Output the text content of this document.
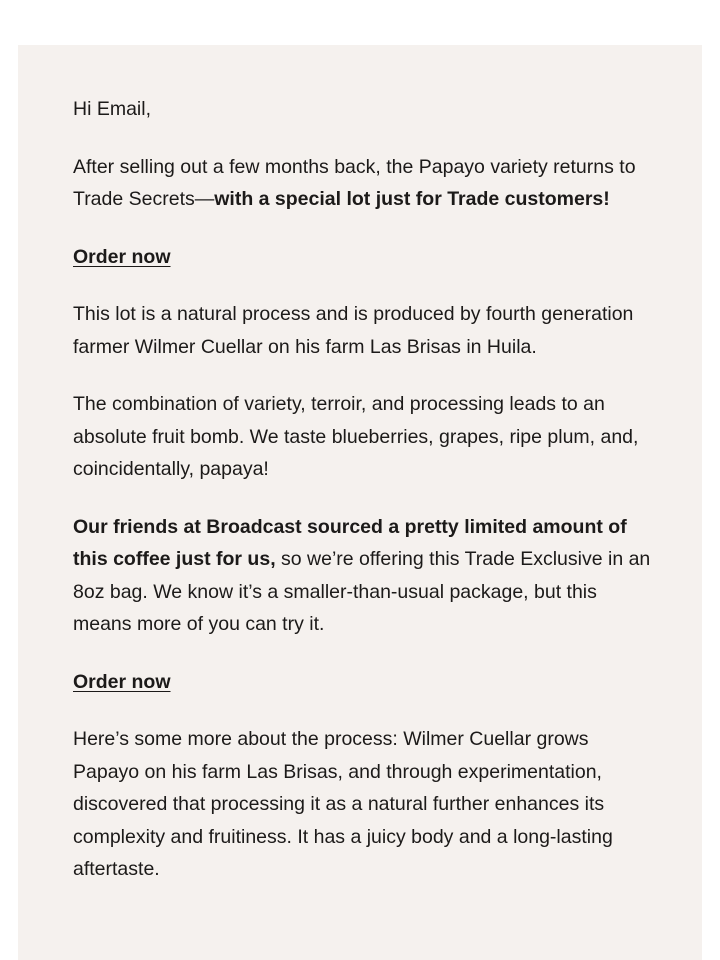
Hi Email,

After selling out a few months back, the Papayo variety returns to Trade Secrets—with a special lot just for Trade customers!

Order now

This lot is a natural process and is produced by fourth generation farmer Wilmer Cuellar on his farm Las Brisas in Huila.

The combination of variety, terroir, and processing leads to an absolute fruit bomb. We taste blueberries, grapes, ripe plum, and, coincidentally, papaya!

Our friends at Broadcast sourced a pretty limited amount of this coffee just for us, so we’re offering this Trade Exclusive in an 8oz bag. We know it’s a smaller-than-usual package, but this means more of you can try it.

Order now

Here’s some more about the process: Wilmer Cuellar grows Papayo on his farm Las Brisas, and through experimentation, discovered that processing it as a natural further enhances its complexity and fruitiness. It has a juicy body and a long-lasting aftertaste.
